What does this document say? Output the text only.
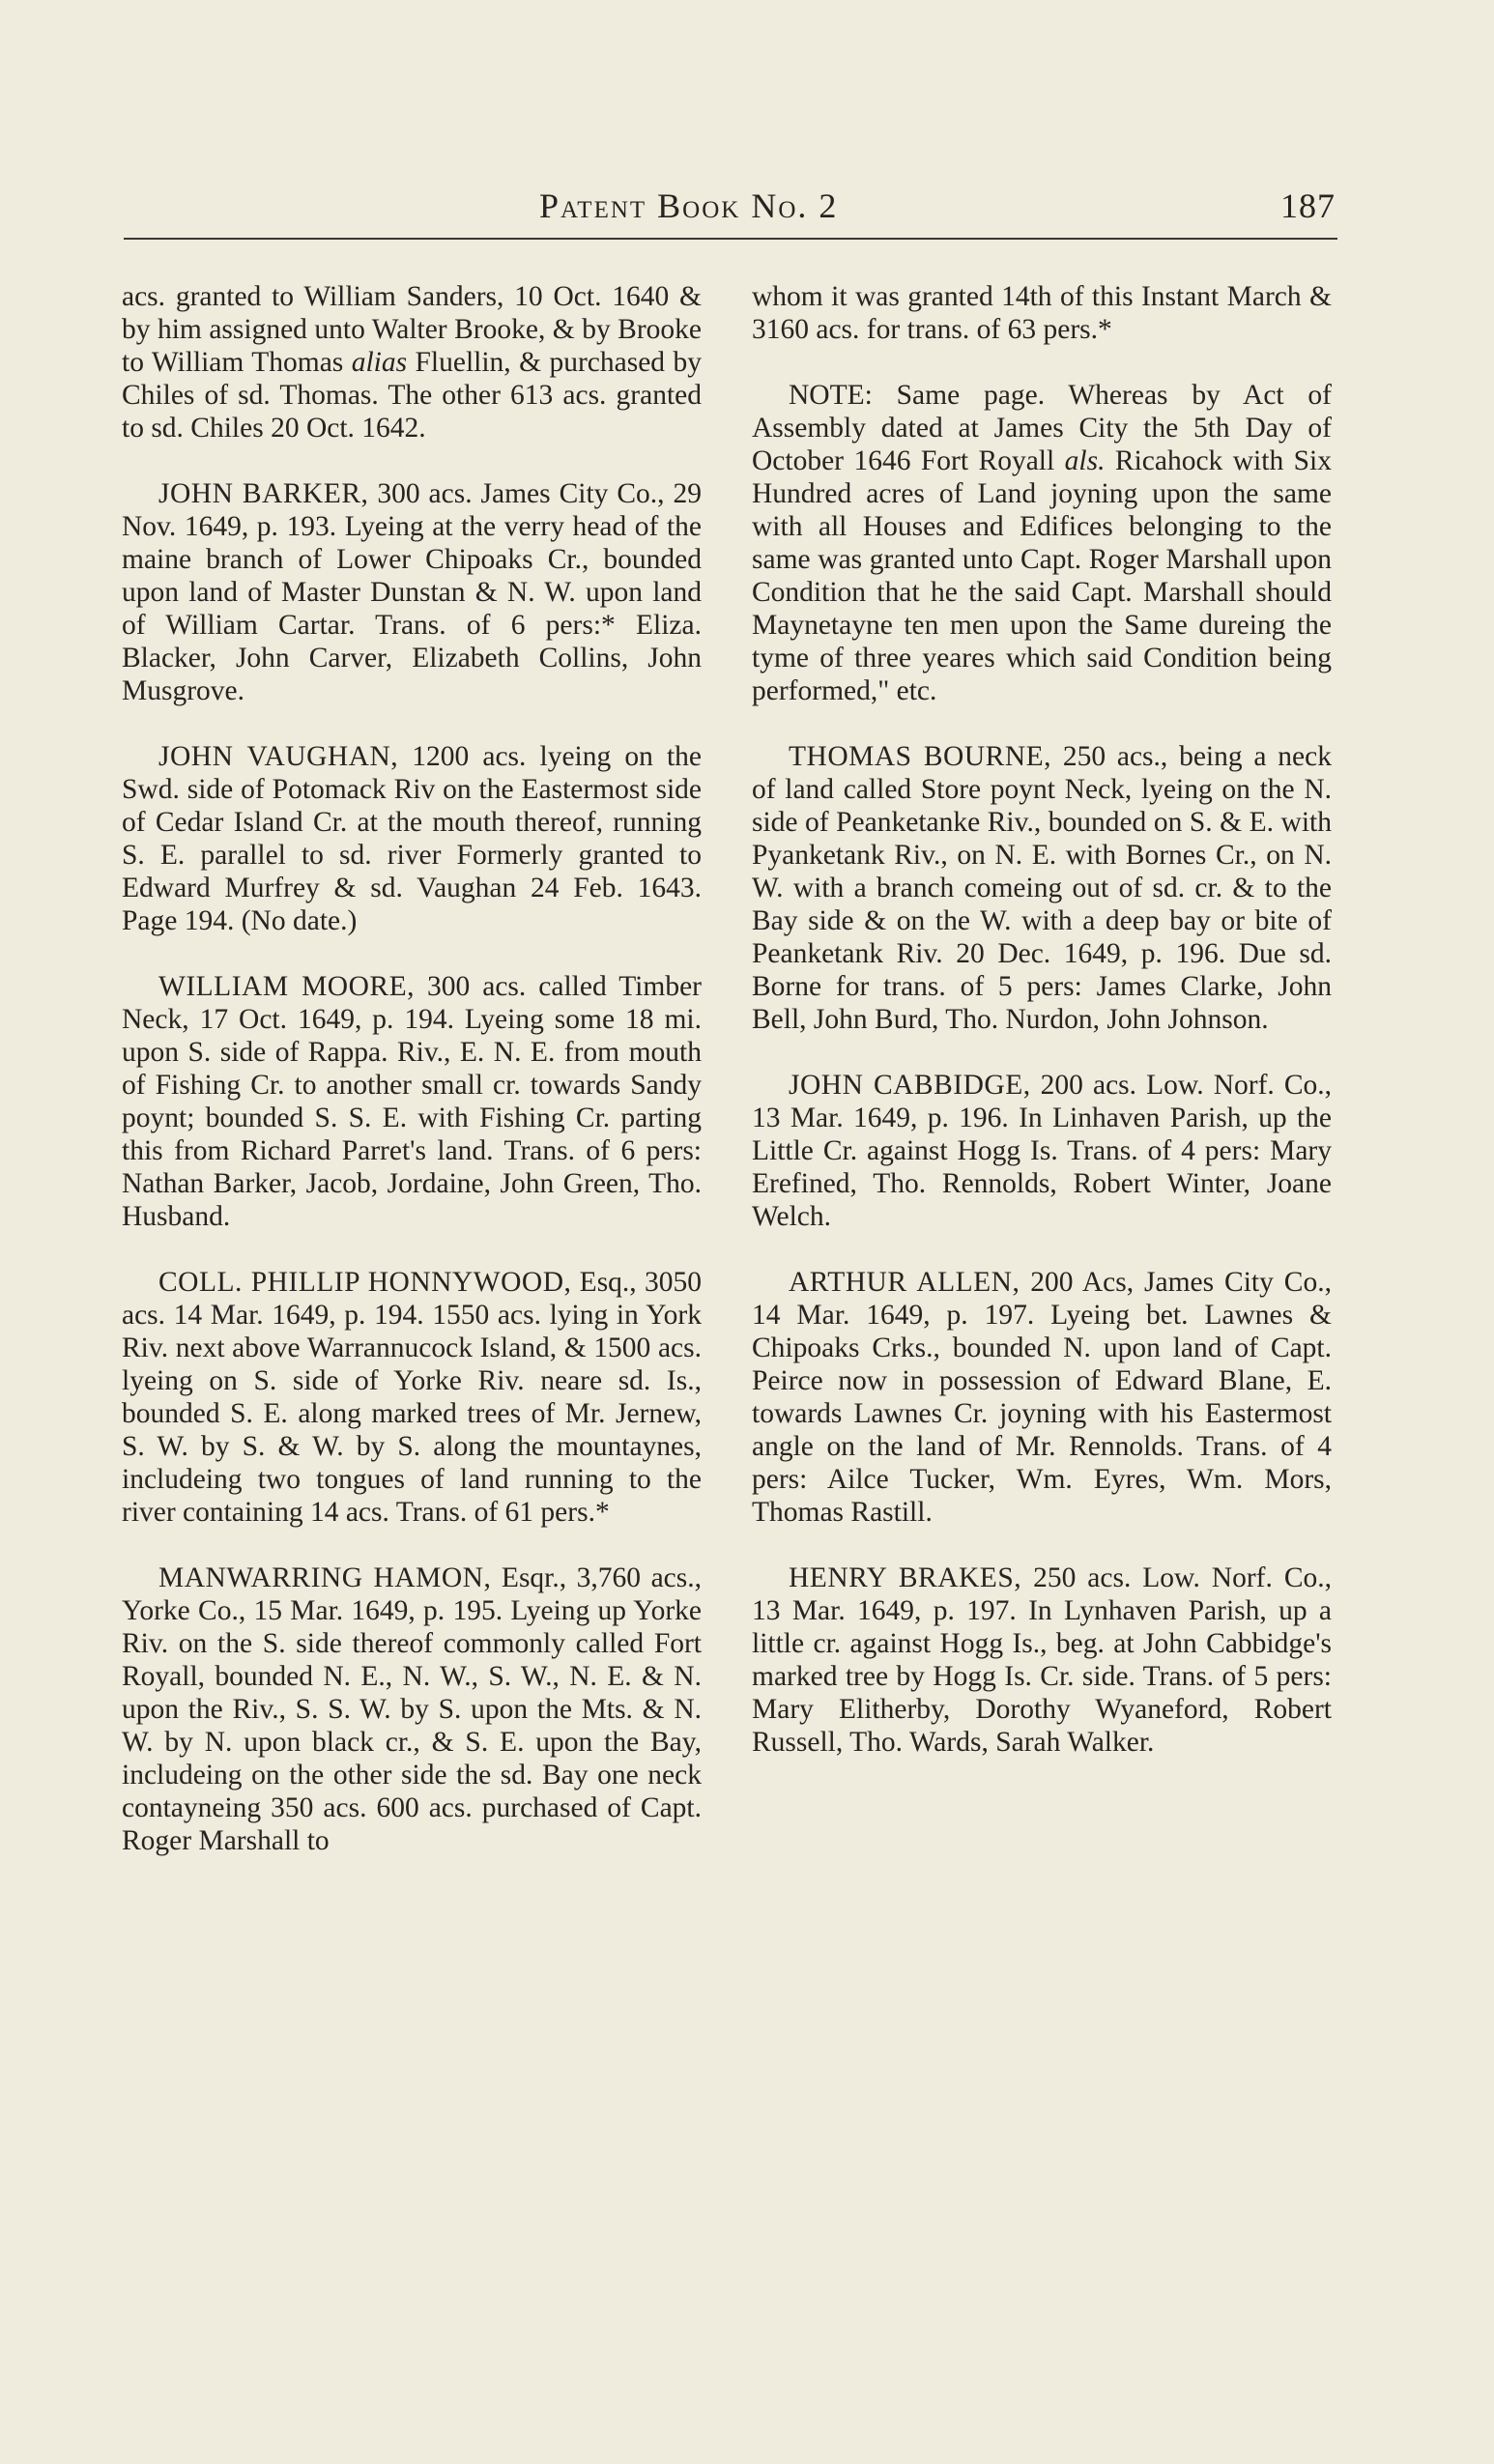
Patent Book No. 2	187

acs. granted to William Sanders, 10 Oct. 1640 & by him assigned unto Walter Brooke, & by Brooke to William Thomas alias Fluellin, & purchased by Chiles of sd. Thomas. The other 613 acs. granted to sd. Chiles 20 Oct. 1642.

JOHN BARKER, 300 acs. James City Co., 29 Nov. 1649, p. 193. Lyeing at the verry head of the maine branch of Lower Chipoaks Cr., bounded upon land of Master Dunstan & N. W. upon land of William Cartar. Trans. of 6 pers:* Eliza. Blacker, John Carver, Elizabeth Collins, John Musgrove.

JOHN VAUGHAN, 1200 acs. lyeing on the Swd. side of Potomack Riv on the Eastermost side of Cedar Island Cr. at the mouth thereof, running S. E. parallel to sd. river Formerly granted to Edward Murfrey & sd. Vaughan 24 Feb. 1643. Page 194. (No date.)

WILLIAM MOORE, 300 acs. called Timber Neck, 17 Oct. 1649, p. 194. Lyeing some 18 mi. upon S. side of Rappa. Riv., E. N. E. from mouth of Fishing Cr. to another small cr. towards Sandy poynt; bounded S. S. E. with Fishing Cr. parting this from Richard Parret's land. Trans. of 6 pers: Nathan Barker, Jacob, Jordaine, John Green, Tho. Husband.

COLL. PHILLIP HONNYWOOD, Esq., 3050 acs. 14 Mar. 1649, p. 194. 1550 acs. lying in York Riv. next above Warrannucock Island, & 1500 acs. lyeing on S. side of Yorke Riv. neare sd. Is., bounded S. E. along marked trees of Mr. Jernew, S. W. by S. & W. by S. along the mountaynes, includeing two tongues of land running to the river containing 14 acs. Trans. of 61 pers.*

MANWARRING HAMON, Esqr., 3,760 acs., Yorke Co., 15 Mar. 1649, p. 195. Lyeing up Yorke Riv. on the S. side thereof commonly called Fort Royall, bounded N. E., N. W., S. W., N. E. & N. upon the Riv., S. S. W. by S. upon the Mts. & N. W. by N. upon black cr., & S. E. upon the Bay, includeing on the other side the sd. Bay one neck contayneing 350 acs. 600 acs. purchased of Capt. Roger Marshall to

whom it was granted 14th of this Instant March & 3160 acs. for trans. of 63 pers.*

NOTE: Same page. Whereas by Act of Assembly dated at James City the 5th Day of October 1646 Fort Royall als. Ricahock with Six Hundred acres of Land joyning upon the same with all Houses and Edifices belonging to the same was granted unto Capt. Roger Marshall upon Condition that he the said Capt. Marshall should Maynetayne ten men upon the Same dureing the tyme of three yeares which said Condition being performed," etc.

THOMAS BOURNE, 250 acs., being a neck of land called Store poynt Neck, lyeing on the N. side of Peanketanke Riv., bounded on S. & E. with Pyanketank Riv., on N. E. with Bornes Cr., on N. W. with a branch comeing out of sd. cr. & to the Bay side & on the W. with a deep bay or bite of Peanketank Riv. 20 Dec. 1649, p. 196. Due sd. Borne for trans. of 5 pers: James Clarke, John Bell, John Burd, Tho. Nurdon, John Johnson.

JOHN CABBIDGE, 200 acs. Low. Norf. Co., 13 Mar. 1649, p. 196. In Linhaven Parish, up the Little Cr. against Hogg Is. Trans. of 4 pers: Mary Erefined, Tho. Rennolds, Robert Winter, Joane Welch.

ARTHUR ALLEN, 200 Acs, James City Co., 14 Mar. 1649, p. 197. Lyeing bet. Lawnes & Chipoaks Crks., bounded N. upon land of Capt. Peirce now in possession of Edward Blane, E. towards Lawnes Cr. joyning with his Eastermost angle on the land of Mr. Rennolds. Trans. of 4 pers: Ailce Tucker, Wm. Eyres, Wm. Mors, Thomas Rastill.

HENRY BRAKES, 250 acs. Low. Norf. Co., 13 Mar. 1649, p. 197. In Lynhaven Parish, up a little cr. against Hogg Is., beg. at John Cabbidge's marked tree by Hogg Is. Cr. side. Trans. of 5 pers: Mary Elitherby, Dorothy Wyaneford, Robert Russell, Tho. Wards, Sarah Walker.
